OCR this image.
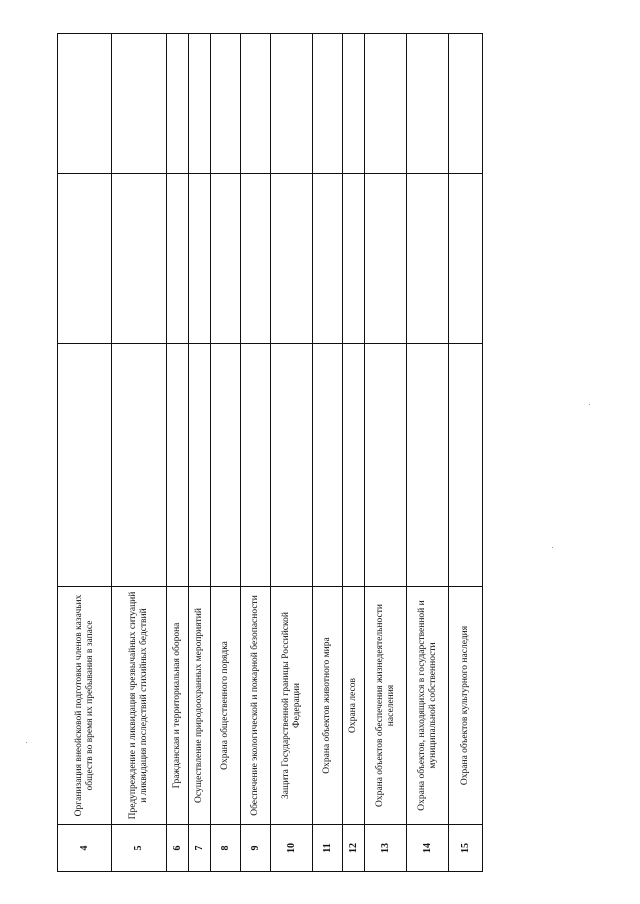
4	Организация внеойсковой подготовки членов казачьих обществ во время их пребывания в запасе			
5	Предупреждение и ликвидация чрезвычайных ситуаций и ликвидация последствий стихийных бедствий			
6	Гражданская и территориальная оборона			
7	Осуществление природоохранных мероприятий			
8	Охрана общественного порядка			
9	Обеспечение экологической и пожарной безопасности			
10	Защита Государственной границы Российской Федерации			
11	Охрана объектов животного мира			
12	Охрана лесов			
13	Охрана объектов обеспечения жизнедеятельности населения			
14	Охрана объектов, находящихся в государственной и муниципальной собственности			
15	Охрана объектов культурного наследия			
